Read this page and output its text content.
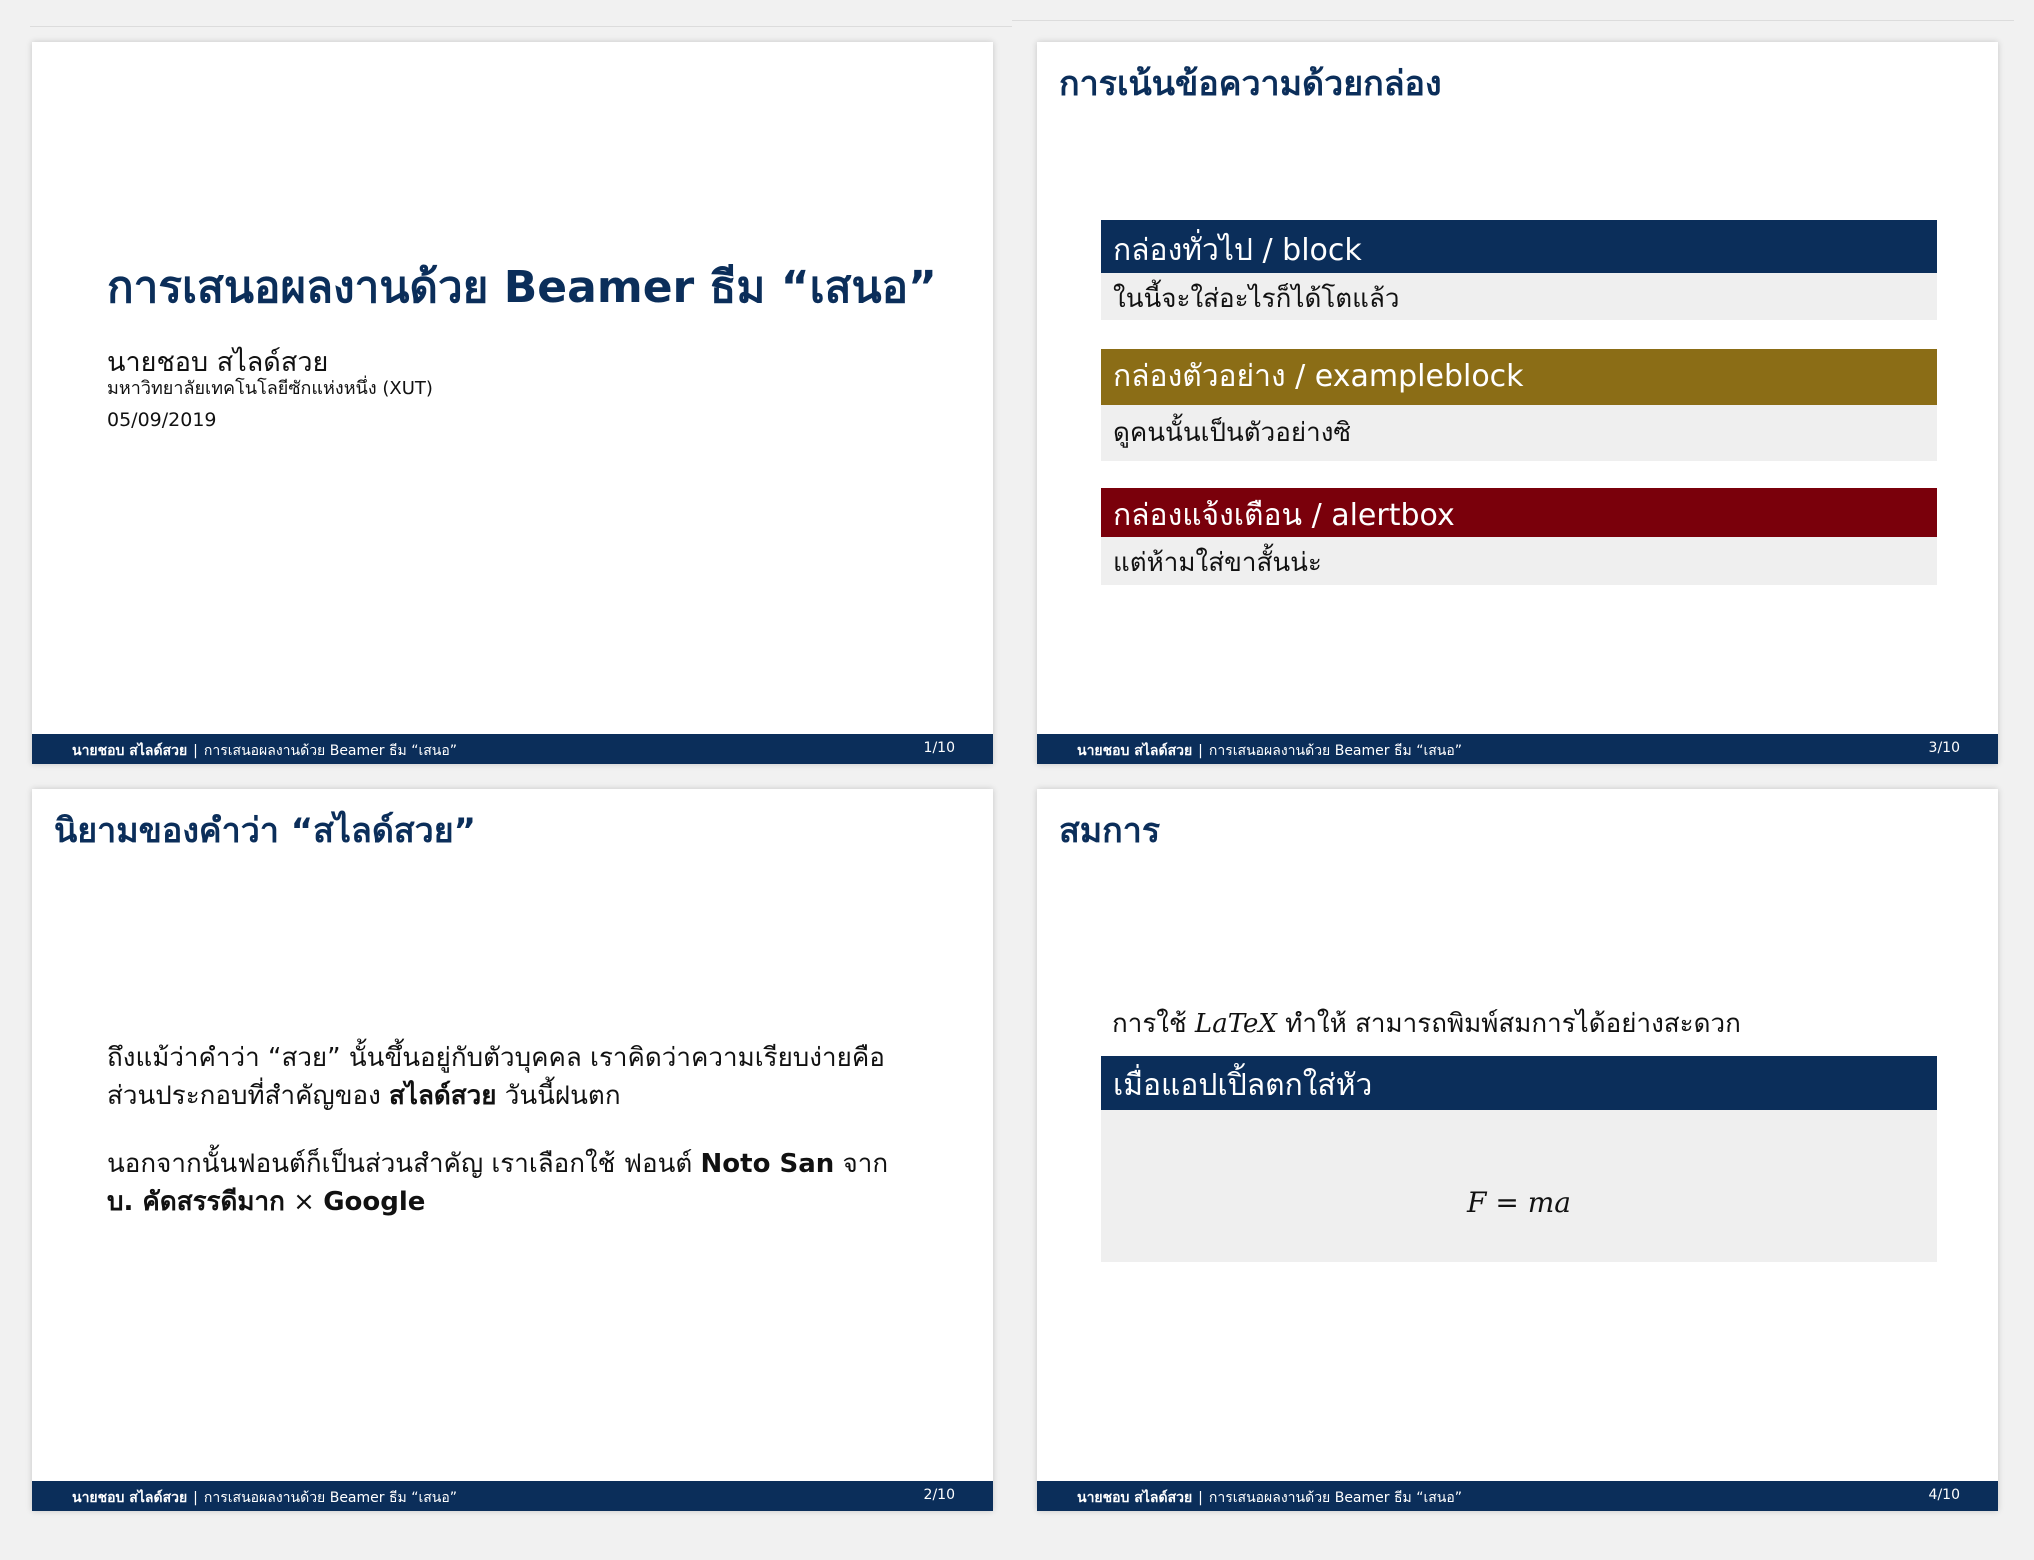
การเสนอผลงานด้วย Beamer ธีม “เสนอ”
นายชอบ สไลด์สวย
มหาวิทยาลัยเทคโนโลยีซักแห่งหนึ่ง (XUT)
05/09/2019
นายชอบ สไลด์สวย | การเสนอผลงานด้วย Beamer ธีม “เสนอ”	1/10
การเน้นข้อความด้วยกล่อง
กล่องทั่วไป / block
ในนี้จะใส่อะไรก็ได้โตแล้ว
กล่องตัวอย่าง / exampleblock
ดูคนนั้นเป็นตัวอย่างซิ
กล่องแจ้งเตือน / alertbox
แต่ห้ามใส่ขาสั้นน่ะ
นายชอบ สไลด์สวย | การเสนอผลงานด้วย Beamer ธีม “เสนอ”	3/10
นิยามของคำว่า “สไลด์สวย”
ถึงแม้ว่าคำว่า “สวย” นั้นขึ้นอยู่กับตัวบุคคล เราคิดว่าความเรียบง่ายคือ
ส่วนประกอบที่สำคัญของ สไลด์สวย วันนี้ฝนตก
นอกจากนั้นฟอนต์ก็เป็นส่วนสำคัญ เราเลือกใช้ ฟอนต์ Noto San จาก
บ. คัดสรรดีมาก × Google
นายชอบ สไลด์สวย | การเสนอผลงานด้วย Beamer ธีม “เสนอ”	2/10
สมการ
การใช้ LaTeX ทำให้ สามารถพิมพ์สมการได้อย่างสะดวก
เมื่อแอปเปิ้ลตกใส่หัว
F = ma
นายชอบ สไลด์สวย | การเสนอผลงานด้วย Beamer ธีม “เสนอ”	4/10
